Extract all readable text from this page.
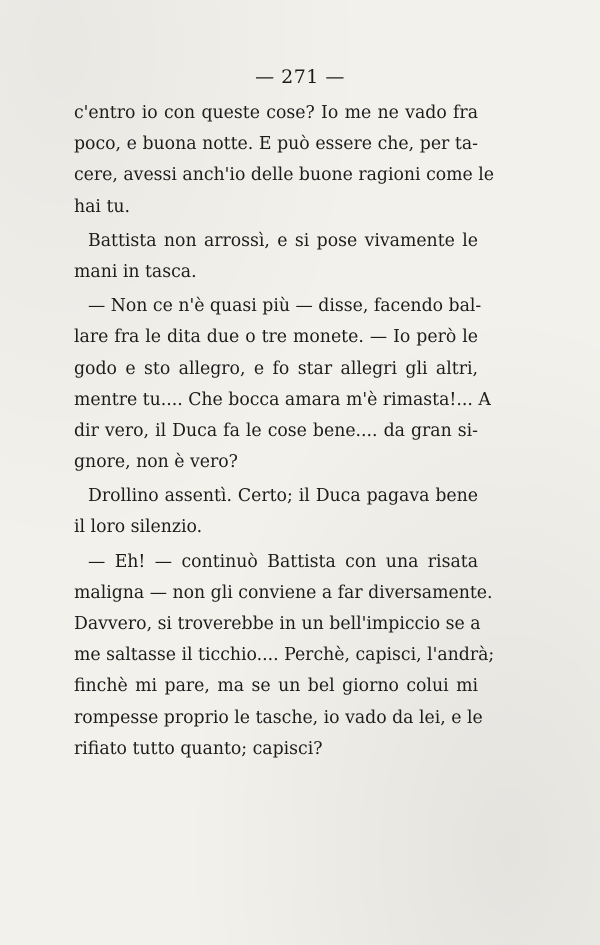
— 271 —
c'entro io con queste cose? Io me ne vado fra
poco, e buona notte. E può essere che, per ta-
cere, avessi anch'io delle buone ragioni come le
hai tu.
Battista non arrossì, e si pose vivamente le
mani in tasca.
— Non ce n'è quasi più — disse, facendo bal-
lare fra le dita due o tre monete. — Io però le
godo e sto allegro, e fo star allegri gli altri,
mentre tu.... Che bocca amara m'è rimasta!... A
dir vero, il Duca fa le cose bene.... da gran si-
gnore, non è vero?
Drollino assentì. Certo; il Duca pagava bene
il loro silenzio.
— Eh! — continuò Battista con una risata
maligna — non gli conviene a far diversamente.
Davvero, si troverebbe in un bell'impiccio se a
me saltasse il ticchio.... Perchè, capisci, l'andrà;
finchè mi pare, ma se un bel giorno colui mi
rompesse proprio le tasche, io vado da lei, e le
rifiato tutto quanto; capisci?
